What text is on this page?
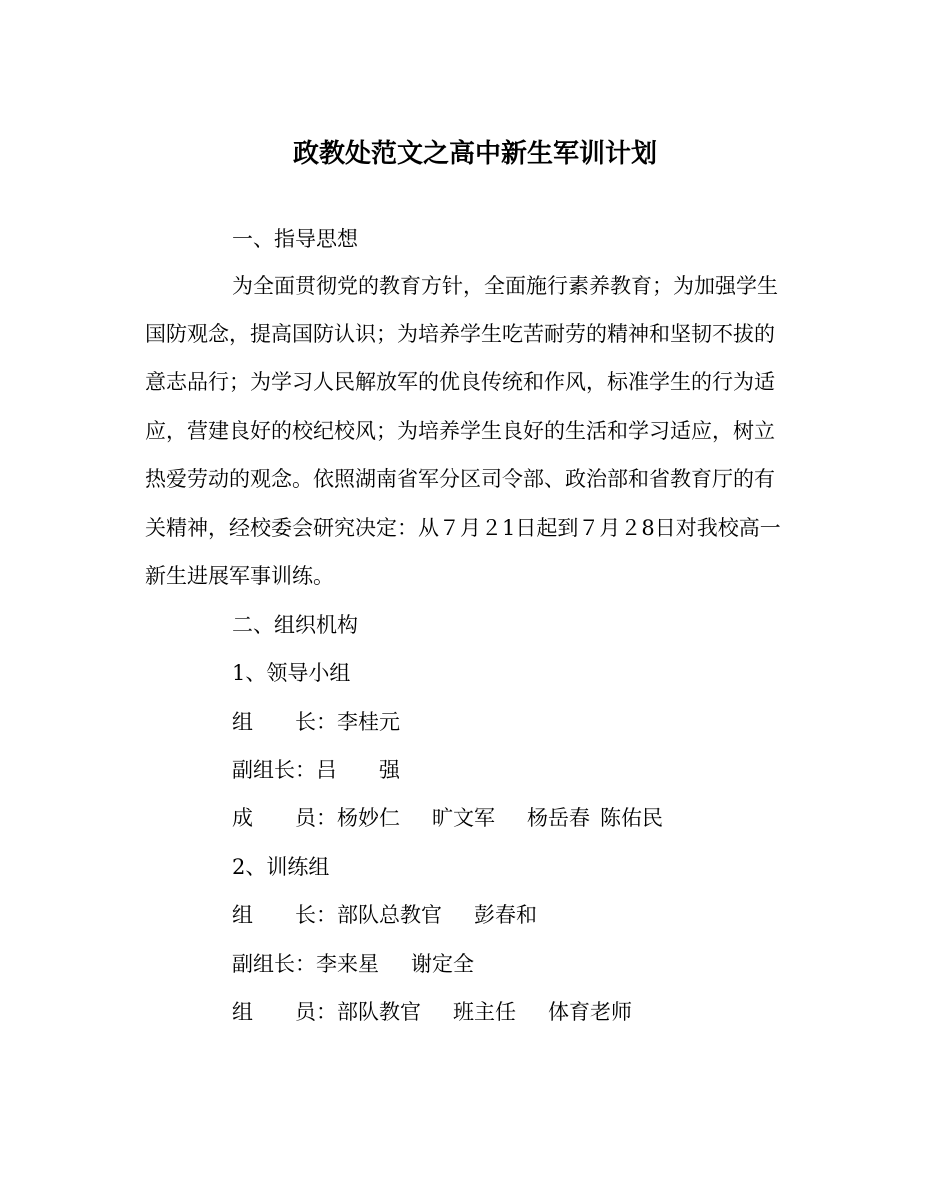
政教处范文之高中新生军训计划
一、指导思想
为全面贯彻党的教育方针，全面施行素养教育；为加强学生
国防观念，提高国防认识；为培养学生吃苦耐劳的精神和坚韧不拔的
意志品行；为学习人民解放军的优良传统和作风，标准学生的行为适
应，营建良好的校纪校风；为培养学生良好的生活和学习适应，树立
热爱劳动的观念。依照湖南省军分区司令部、政治部和省教育厅的有
关精神，经校委会研究决定：从７月２1日起到７月２8日对我校高一
新生进展军事训练。
二、组织机构
1、领导小组
组　　长：李桂元
副组长：吕　　强
成　　员：杨妙仁 旷文军 杨岳春 陈佑民
2、训练组
组　　长：部队总教官 彭春和
副组长：李来星 谢定全
组　　员：部队教官 班主任 体育老师
